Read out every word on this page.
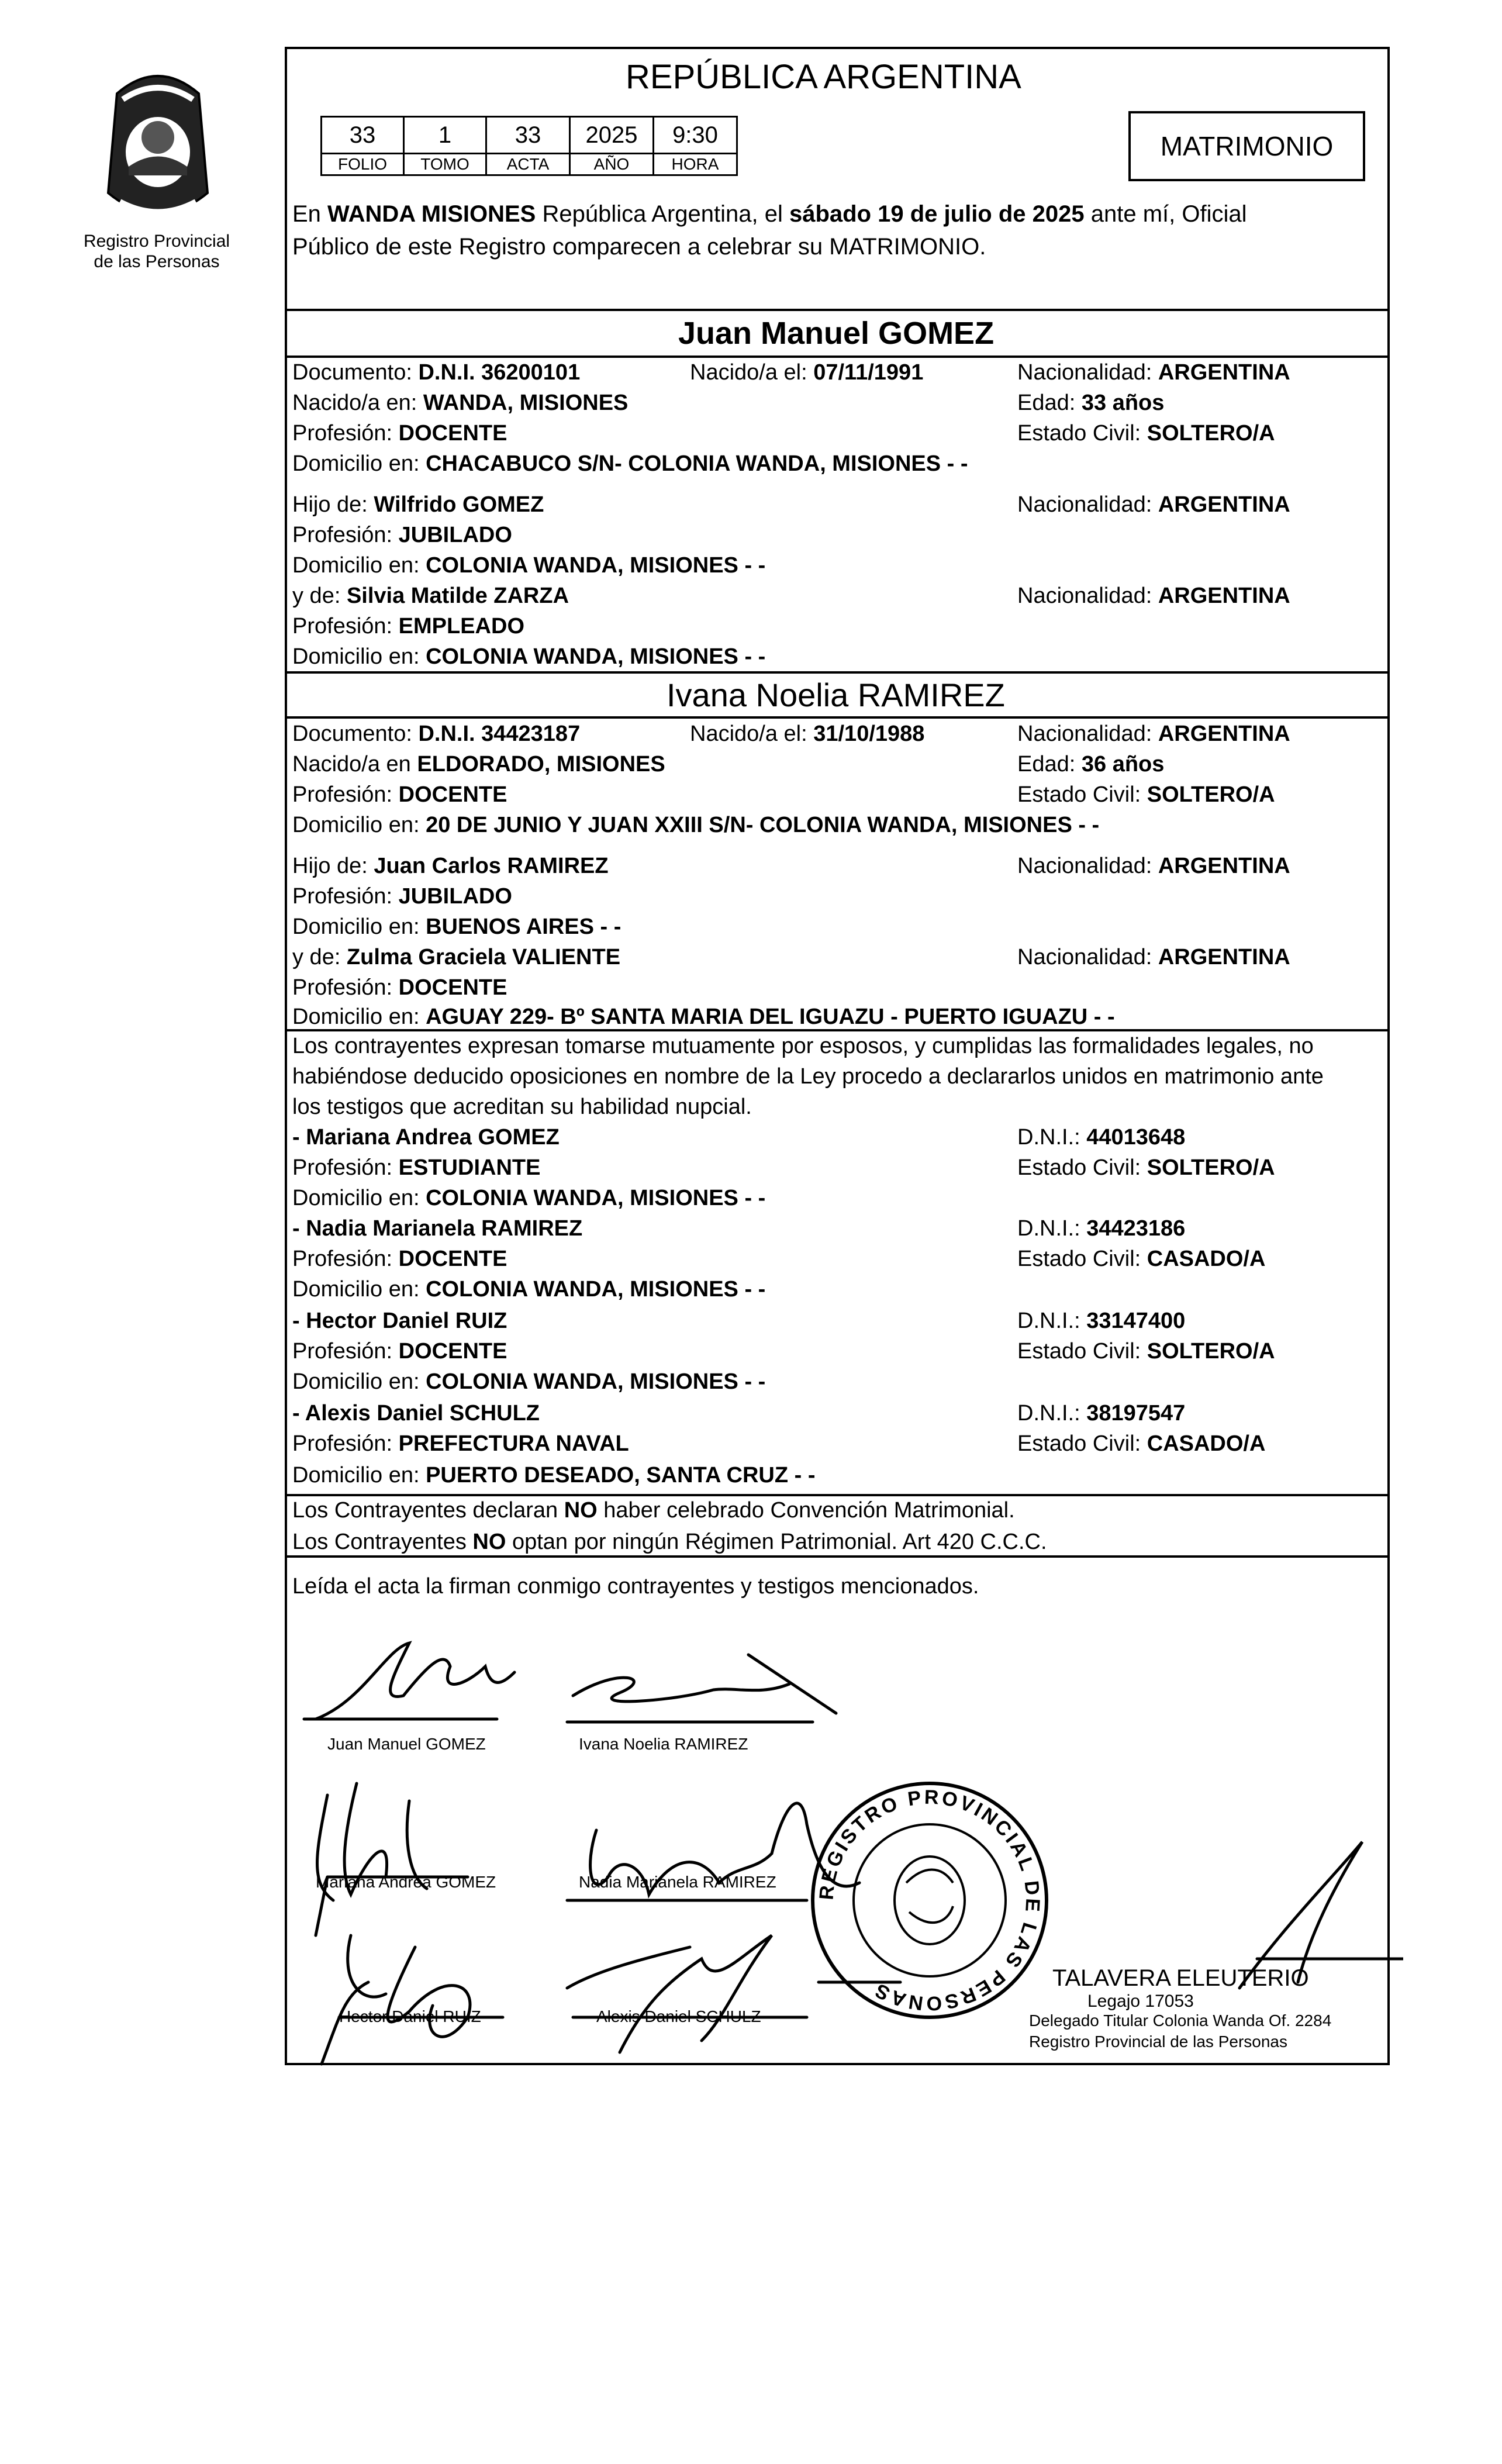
Registro Provincial
de las Personas
REPÚBLICA ARGENTINA
33	1	33	2025	9:30
FOLIO	TOMO	ACTA	AÑO	HORA
MATRIMONIO
En WANDA MISIONES República Argentina, el sábado 19 de julio de 2025 ante mí, Oficial
Público de este Registro comparecen a celebrar su MATRIMONIO.
Juan Manuel GOMEZ
Documento: D.N.I. 36200101	Nacido/a el: 07/11/1991	Nacionalidad: ARGENTINA
Nacido/a en: WANDA, MISIONES	Edad: 33 años
Profesión: DOCENTE	Estado Civil: SOLTERO/A
Domicilio en: CHACABUCO S/N- COLONIA WANDA, MISIONES - -
Hijo de: Wilfrido GOMEZ	Nacionalidad: ARGENTINA
Profesión: JUBILADO
Domicilio en: COLONIA WANDA, MISIONES - -
y de: Silvia Matilde ZARZA	Nacionalidad: ARGENTINA
Profesión: EMPLEADO
Domicilio en: COLONIA WANDA, MISIONES - -
Ivana Noelia RAMIREZ
Documento: D.N.I. 34423187	Nacido/a el: 31/10/1988	Nacionalidad: ARGENTINA
Nacido/a en ELDORADO, MISIONES	Edad: 36 años
Profesión: DOCENTE	Estado Civil: SOLTERO/A
Domicilio en: 20 DE JUNIO Y JUAN XXIII S/N- COLONIA WANDA, MISIONES - -
Hijo de: Juan Carlos RAMIREZ	Nacionalidad: ARGENTINA
Profesión: JUBILADO
Domicilio en: BUENOS AIRES - -
y de: Zulma Graciela VALIENTE	Nacionalidad: ARGENTINA
Profesión: DOCENTE
Domicilio en: AGUAY 229- Bº SANTA MARIA DEL IGUAZU - PUERTO IGUAZU - -
Los contrayentes expresan tomarse mutuamente por esposos, y cumplidas las formalidades legales, no
habiéndose deducido oposiciones en nombre de la Ley procedo a declararlos unidos en matrimonio ante
los testigos que acreditan su habilidad nupcial.
- Mariana Andrea GOMEZ	D.N.I.: 44013648
Profesión: ESTUDIANTE	Estado Civil: SOLTERO/A
Domicilio en: COLONIA WANDA, MISIONES - -
- Nadia Marianela RAMIREZ	D.N.I.: 34423186
Profesión: DOCENTE	Estado Civil: CASADO/A
Domicilio en: COLONIA WANDA, MISIONES - -
- Hector Daniel RUIZ	D.N.I.: 33147400
Profesión: DOCENTE	Estado Civil: SOLTERO/A
Domicilio en: COLONIA WANDA, MISIONES - -
- Alexis Daniel SCHULZ	D.N.I.: 38197547
Profesión: PREFECTURA NAVAL	Estado Civil: CASADO/A
Domicilio en: PUERTO DESEADO, SANTA CRUZ - -
Los Contrayentes declaran NO haber celebrado Convención Matrimonial.
Los Contrayentes NO optan por ningún Régimen Patrimonial. Art 420 C.C.C.
Leída el acta la firman conmigo contrayentes y testigos mencionados.
Juan Manuel GOMEZ	Ivana Noelia RAMIREZ
Mariana Andrea GOMEZ	Nadia Marianela RAMIREZ
Hector Daniel RUIZ	Alexis Daniel SCHULZ
REGISTRO PROVINCIAL DE LAS PERSONAS	TALAVERA ELEUTERIO
Legajo 17053
Delegado Titular Colonia Wanda Of. 2284
Registro Provincial de las Personas
